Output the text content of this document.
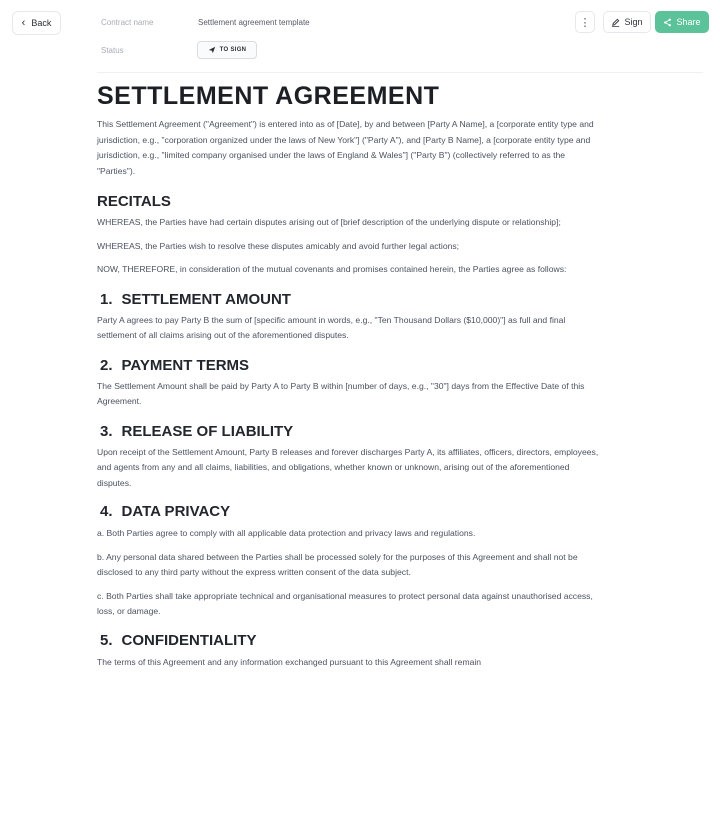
‹ Back	Contract name	Settlement agreement template
Status	TO SIGN
⋮	Sign	Share
SETTLEMENT AGREEMENT

This Settlement Agreement ("Agreement") is entered into as of [Date], by and between [Party A Name], a [corporate entity type and jurisdiction, e.g., "corporation organized under the laws of New York"] ("Party A"), and [Party B Name], a [corporate entity type and jurisdiction, e.g., "limited company organised under the laws of England & Wales"] ("Party B") (collectively referred to as the "Parties").

RECITALS

WHEREAS, the Parties have had certain disputes arising out of [brief description of the underlying dispute or relationship];

WHEREAS, the Parties wish to resolve these disputes amicably and avoid further legal actions;

NOW, THEREFORE, in consideration of the mutual covenants and promises contained herein, the Parties agree as follows:

1. SETTLEMENT AMOUNT

Party A agrees to pay Party B the sum of [specific amount in words, e.g., "Ten Thousand Dollars ($10,000)"] as full and final settlement of all claims arising out of the aforementioned disputes.

2. PAYMENT TERMS

The Settlement Amount shall be paid by Party A to Party B within [number of days, e.g., "30"] days from the Effective Date of this Agreement.

3. RELEASE OF LIABILITY

Upon receipt of the Settlement Amount, Party B releases and forever discharges Party A, its affiliates, officers, directors, employees, and agents from any and all claims, liabilities, and obligations, whether known or unknown, arising out of the aforementioned disputes.

4. DATA PRIVACY

a. Both Parties agree to comply with all applicable data protection and privacy laws and regulations.

b. Any personal data shared between the Parties shall be processed solely for the purposes of this Agreement and shall not be disclosed to any third party without the express written consent of the data subject.

c. Both Parties shall take appropriate technical and organisational measures to protect personal data against unauthorised access, loss, or damage.

5. CONFIDENTIALITY

The terms of this Agreement and any information exchanged pursuant to this Agreement shall remain
